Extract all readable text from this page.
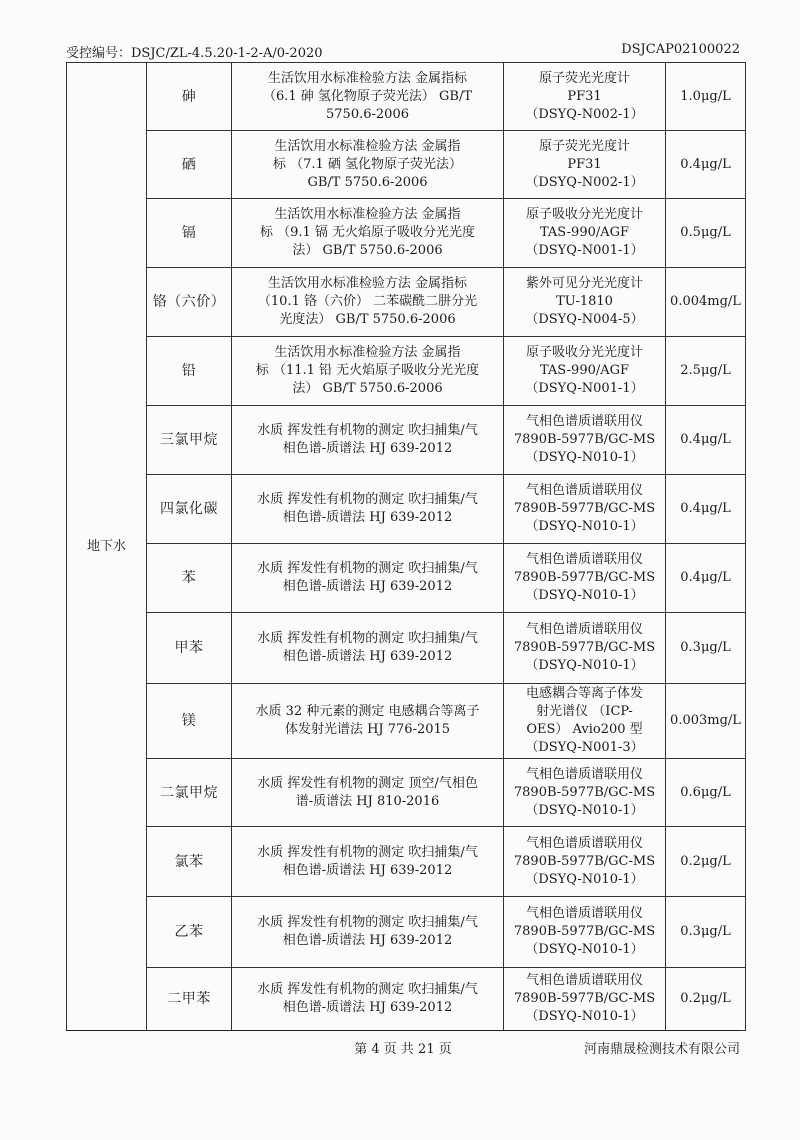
受控编号：DSJC/ZL-4.5.20-1-2-A/0-2020	DSJCAP02100022
地下水	砷	生活饮用水标准检验方法 金属指标
（6.1 砷 氢化物原子荧光法） GB/T
5750.6-2006	原子荧光光度计
PF31
（DSYQ-N002-1）	1.0μg/L
	硒	生活饮用水标准检验方法 金属指
标 （7.1 硒 氢化物原子荧光法）
GB/T 5750.6-2006	原子荧光光度计
PF31
（DSYQ-N002-1）	0.4μg/L
	镉	生活饮用水标准检验方法 金属指
标 （9.1 镉 无火焰原子吸收分光光度
法） GB/T 5750.6-2006	原子吸收分光光度计
TAS-990/AGF
（DSYQ-N001-1）	0.5μg/L
	铬（六价）	生活饮用水标准检验方法 金属指标
（10.1 铬（六价） 二苯碳酰二肼分光
光度法） GB/T 5750.6-2006	紫外可见分光光度计
TU-1810
（DSYQ-N004-5）	0.004mg/L
	铅	生活饮用水标准检验方法 金属指
标 （11.1 铅 无火焰原子吸收分光光度
法） GB/T 5750.6-2006	原子吸收分光光度计
TAS-990/AGF
（DSYQ-N001-1）	2.5μg/L
	三氯甲烷	水质 挥发性有机物的测定 吹扫捕集/气
相色谱-质谱法 HJ 639-2012	气相色谱质谱联用仪
7890B-5977B/GC-MS
（DSYQ-N010-1）	0.4μg/L
	四氯化碳	水质 挥发性有机物的测定 吹扫捕集/气
相色谱-质谱法 HJ 639-2012	气相色谱质谱联用仪
7890B-5977B/GC-MS
（DSYQ-N010-1）	0.4μg/L
	苯	水质 挥发性有机物的测定 吹扫捕集/气
相色谱-质谱法 HJ 639-2012	气相色谱质谱联用仪
7890B-5977B/GC-MS
（DSYQ-N010-1）	0.4μg/L
	甲苯	水质 挥发性有机物的测定 吹扫捕集/气
相色谱-质谱法 HJ 639-2012	气相色谱质谱联用仪
7890B-5977B/GC-MS
（DSYQ-N010-1）	0.3μg/L
	镁	水质 32 种元素的测定 电感耦合等离子
体发射光谱法 HJ 776-2015	电感耦合等离子体发
射光谱仪 （ICP-
OES） Avio200 型
（DSYQ-N001-3）	0.003mg/L
	二氯甲烷	水质 挥发性有机物的测定 顶空/气相色
谱-质谱法 HJ 810-2016	气相色谱质谱联用仪
7890B-5977B/GC-MS
（DSYQ-N010-1）	0.6μg/L
	氯苯	水质 挥发性有机物的测定 吹扫捕集/气
相色谱-质谱法 HJ 639-2012	气相色谱质谱联用仪
7890B-5977B/GC-MS
（DSYQ-N010-1）	0.2μg/L
	乙苯	水质 挥发性有机物的测定 吹扫捕集/气
相色谱-质谱法 HJ 639-2012	气相色谱质谱联用仪
7890B-5977B/GC-MS
（DSYQ-N010-1）	0.3μg/L
	二甲苯	水质 挥发性有机物的测定 吹扫捕集/气
相色谱-质谱法 HJ 639-2012	气相色谱质谱联用仪
7890B-5977B/GC-MS
（DSYQ-N010-1）	0.2μg/L
第 4 页 共 21 页	河南鼎晟检测技术有限公司
